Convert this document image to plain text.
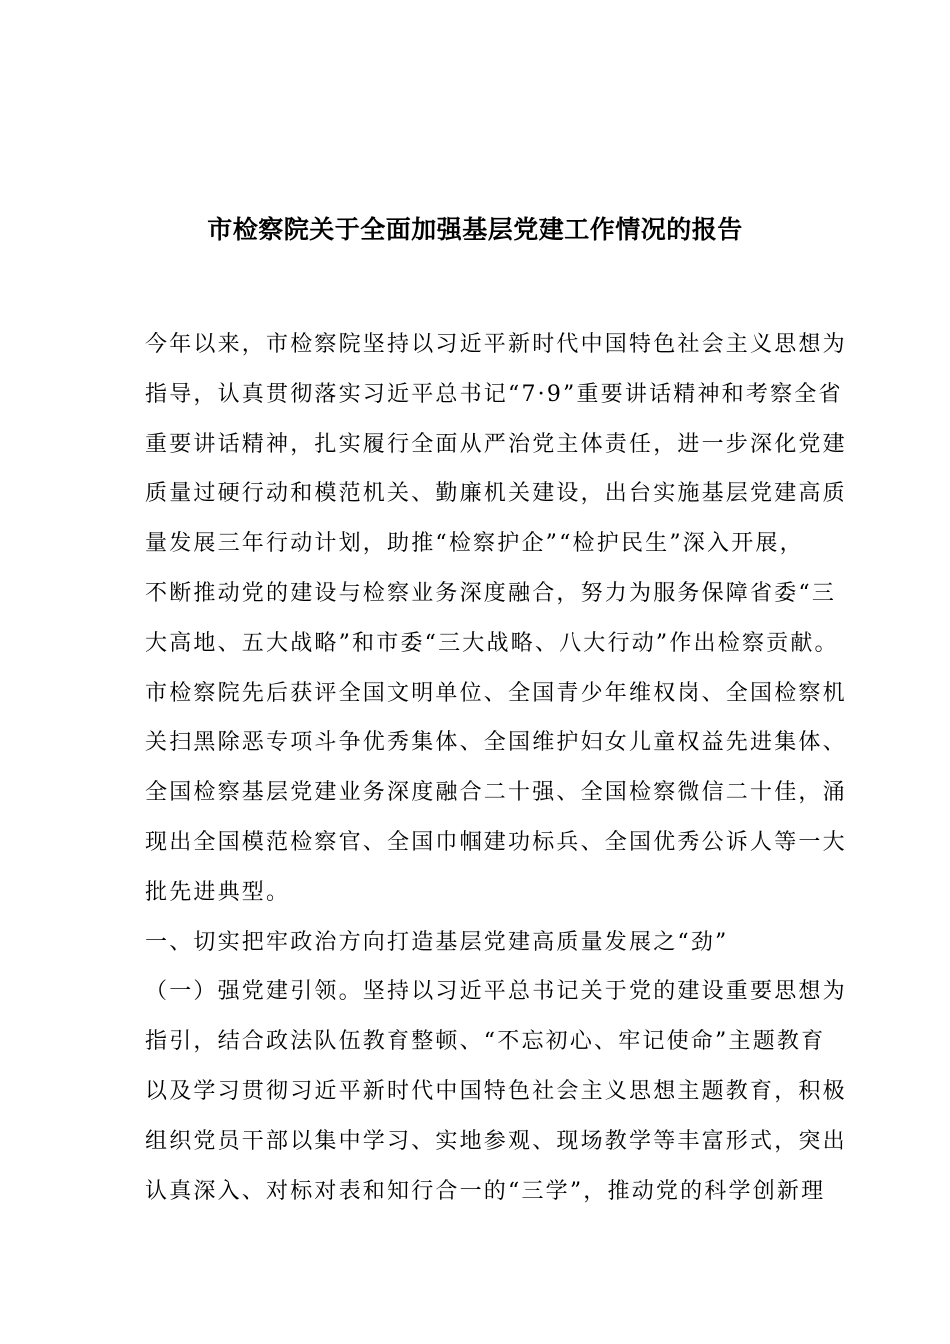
市检察院关于全面加强基层党建工作情况的报告
今年以来，市检察院坚持以习近平新时代中国特色社会主义思想为
指导，认真贯彻落实习近平总书记“7·9”重要讲话精神和考察全省
重要讲话精神，扎实履行全面从严治党主体责任，进一步深化党建
质量过硬行动和模范机关、勤廉机关建设，出台实施基层党建高质
量发展三年行动计划，助推“检察护企”“检护民生”深入开展，
不断推动党的建设与检察业务深度融合，努力为服务保障省委“三
大高地、五大战略”和市委“三大战略、八大行动”作出检察贡献。
市检察院先后获评全国文明单位、全国青少年维权岗、全国检察机
关扫黑除恶专项斗争优秀集体、全国维护妇女儿童权益先进集体、
全国检察基层党建业务深度融合二十强、全国检察微信二十佳，涌
现出全国模范检察官、全国巾帼建功标兵、全国优秀公诉人等一大
批先进典型。
一、切实把牢政治方向打造基层党建高质量发展之“劲”
（一）强党建引领。坚持以习近平总书记关于党的建设重要思想为
指引，结合政法队伍教育整顿、“不忘初心、牢记使命”主题教育
以及学习贯彻习近平新时代中国特色社会主义思想主题教育，积极
组织党员干部以集中学习、实地参观、现场教学等丰富形式，突出
认真深入、对标对表和知行合一的“三学”，推动党的科学创新理
